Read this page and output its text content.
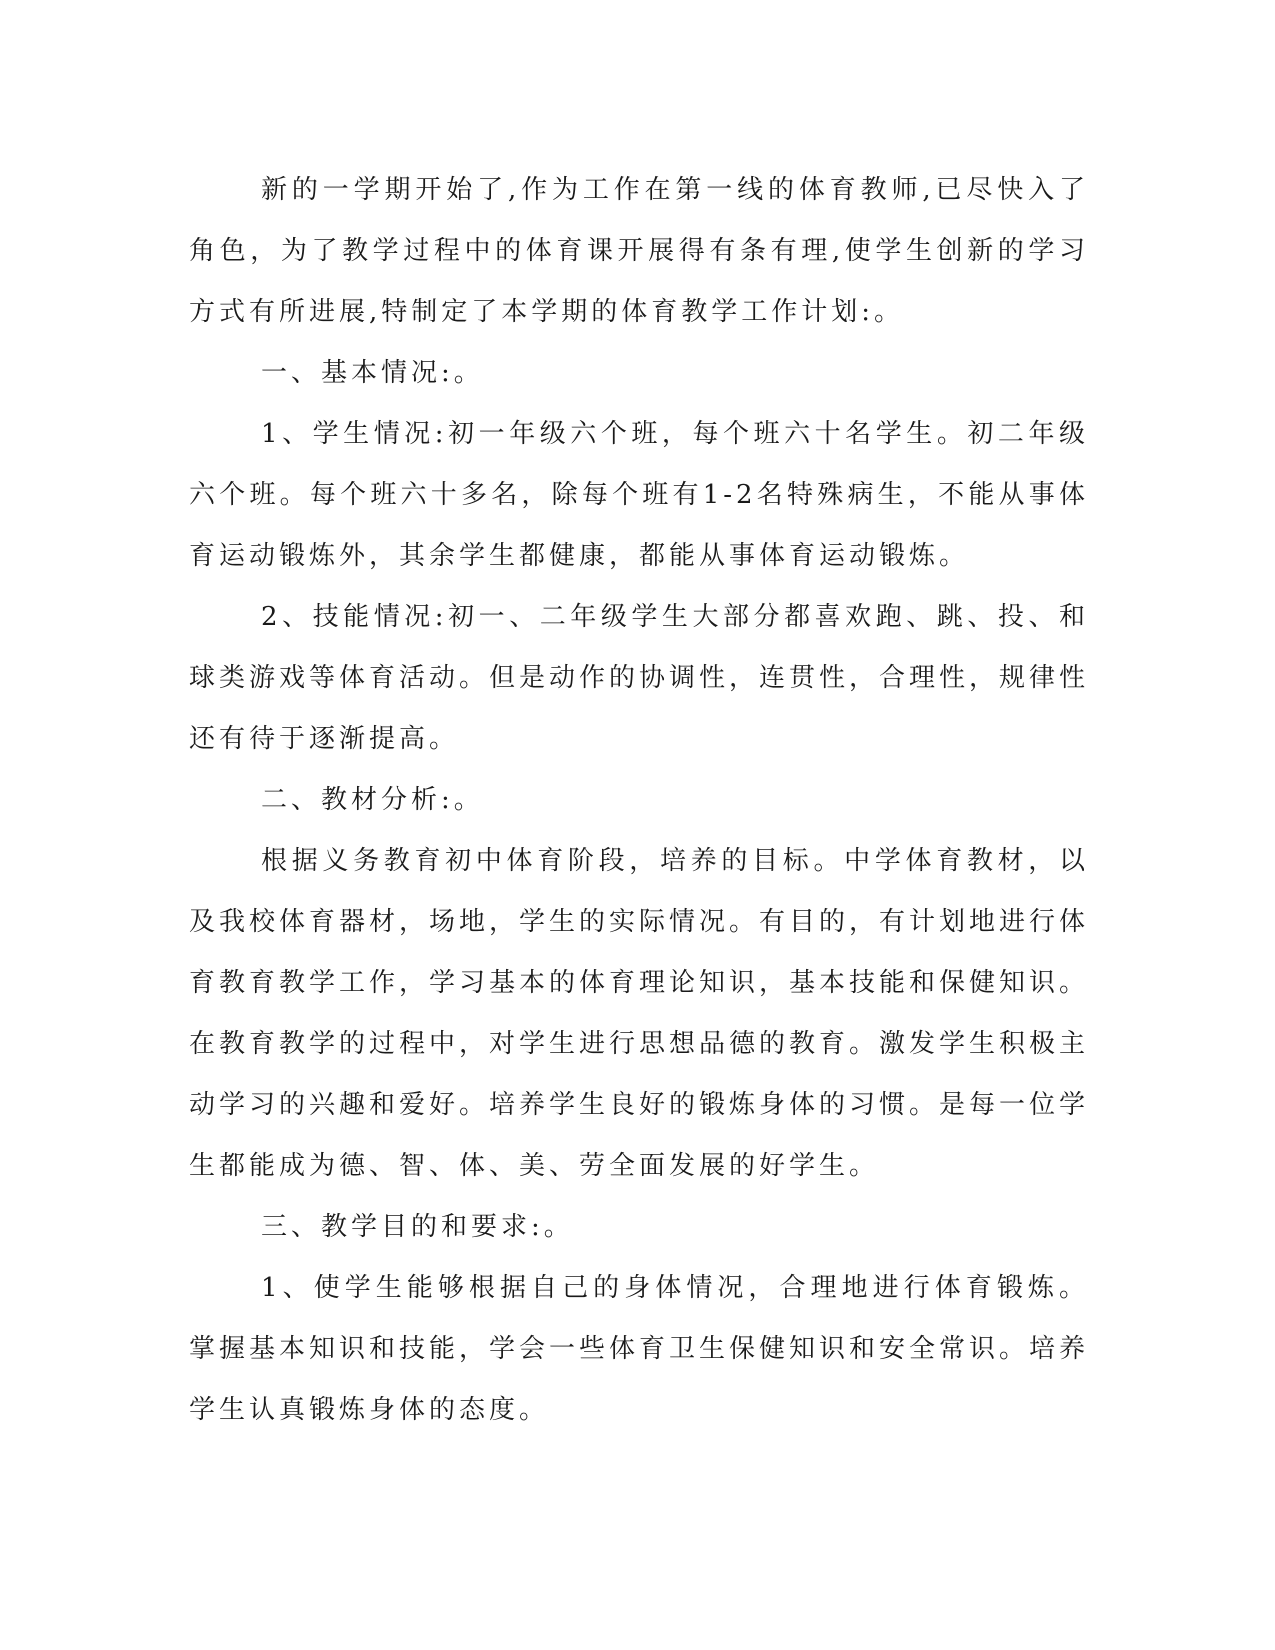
新的一学期开始了,作为工作在第一线的体育教师,已尽快入了角色，为了教学过程中的体育课开展得有条有理,使学生创新的学习方式有所进展,特制定了本学期的体育教学工作计划:。

一、基本情况:。

1、学生情况:初一年级六个班，每个班六十名学生。初二年级六个班。每个班六十多名，除每个班有1-2名特殊病生，不能从事体育运动锻炼外，其余学生都健康，都能从事体育运动锻炼。

2、技能情况:初一、二年级学生大部分都喜欢跑、跳、投、和球类游戏等体育活动。但是动作的协调性，连贯性，合理性，规律性还有待于逐渐提高。

二、教材分析:。

根据义务教育初中体育阶段，培养的目标。中学体育教材，以及我校体育器材，场地，学生的实际情况。有目的，有计划地进行体育教育教学工作，学习基本的体育理论知识，基本技能和保健知识。在教育教学的过程中，对学生进行思想品德的教育。激发学生积极主动学习的兴趣和爱好。培养学生良好的锻炼身体的习惯。是每一位学生都能成为德、智、体、美、劳全面发展的好学生。

三、教学目的和要求:。

1、使学生能够根据自己的身体情况，合理地进行体育锻炼。掌握基本知识和技能，学会一些体育卫生保健知识和安全常识。培养学生认真锻炼身体的态度。
